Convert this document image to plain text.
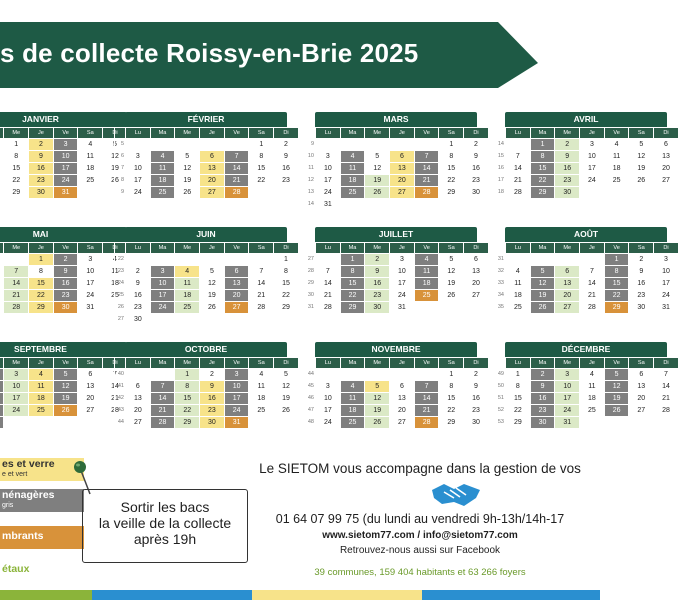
s de collecte Roissy-en-Brie 2025
JANVIER
		Me	Je	Ve	Sa	Di
		1	2	3	4	5
		8	9	10	11	12
		15	16	17	18	19
		22	23	24	25	26
		29	30	31		
FÉVRIER
	Lu	Ma	Me	Je	Ve	Sa	Di
5						1	2
6	3	4	5	6	7	8	9
7	10	11	12	13	14	15	16
8	17	18	19	20	21	22	23
9	24	25	26	27	28		
MARS
	Lu	Ma	Me	Je	Ve	Sa	Di
9						1	2
10	3	4	5	6	7	8	9
11	10	11	12	13	14	15	16
12	17	18	19	20	21	22	23
13	24	25	26	27	28	29	30
14	31						
AVRIL
	Lu	Ma	Me	Je	Ve	Sa	Di
14		1	2	3	4	5	6
15	7	8	9	10	11	12	13
16	14	15	16	17	18	19	20
17	21	22	23	24	25	26	27
18	28	29	30				
MAI
		Me	Je	Ve	Sa	Di
			1	2	3	4
		7	8	9	10	11
		14	15	16	17	18
		21	22	23	24	25
		28	29	30	31	
JUIN
	Lu	Ma	Me	Je	Ve	Sa	Di
22							1
23	2	3	4	5	6	7	8
24	9	10	11	12	13	14	15
25	16	17	18	19	20	21	22
26	23	24	25	26	27	28	29
27	30						
JUILLET
	Lu	Ma	Me	Je	Ve	Sa	Di
27		1	2	3	4	5	6
28	7	8	9	10	11	12	13
29	14	15	16	17	18	19	20
30	21	22	23	24	25	26	27
31	28	29	30	31			
AOÛT
	Lu	Ma	Me	Je	Ve	Sa	Di
31					1	2	3
32	4	5	6	7	8	9	10
33	11	12	13	14	15	16	17
34	18	19	20	21	22	23	24
35	25	26	27	28	29	30	31
SEPTEMBRE
		Me	Je	Ve	Sa	Di
		3	4	5	6	7
		10	11	12	13	14
		17	18	19	20	21
		24	25	26	27	28

OCTOBRE
	Lu	Ma	Me	Je	Ve	Sa	Di
40			1	2	3	4	5
41	6	7	8	9	10	11	12
42	13	14	15	16	17	18	19
43	20	21	22	23	24	25	26
44	27	28	29	30	31		
NOVEMBRE
	Lu	Ma	Me	Je	Ve	Sa	Di
44						1	2
45	3	4	5	6	7	8	9
46	10	11	12	13	14	15	16
47	17	18	19	20	21	22	23
48	24	25	26	27	28	29	30
DÉCEMBRE
	Lu	Ma	Me	Je	Ve	Sa	Di
49	1	2	3	4	5	6	7
50	8	9	10	11	12	13	14
51	15	16	17	18	19	20	21
52	22	23	24	25	26	27	28
53	29	30	31				
es et verre
e et vert
nénagères
gris
mbrants
étaux
Sortir les bacs
la veille de la collecte
après 19h
Le SIETOM vous accompagne dans la gestion de vos
01 64 07 99 75 (du lundi au vendredi 9h-13h/14h-17
www.sietom77.com / info@sietom77.com
Retrouvez-nous aussi sur Facebook
39 communes, 159 404 habitants et 63 266 foyers
